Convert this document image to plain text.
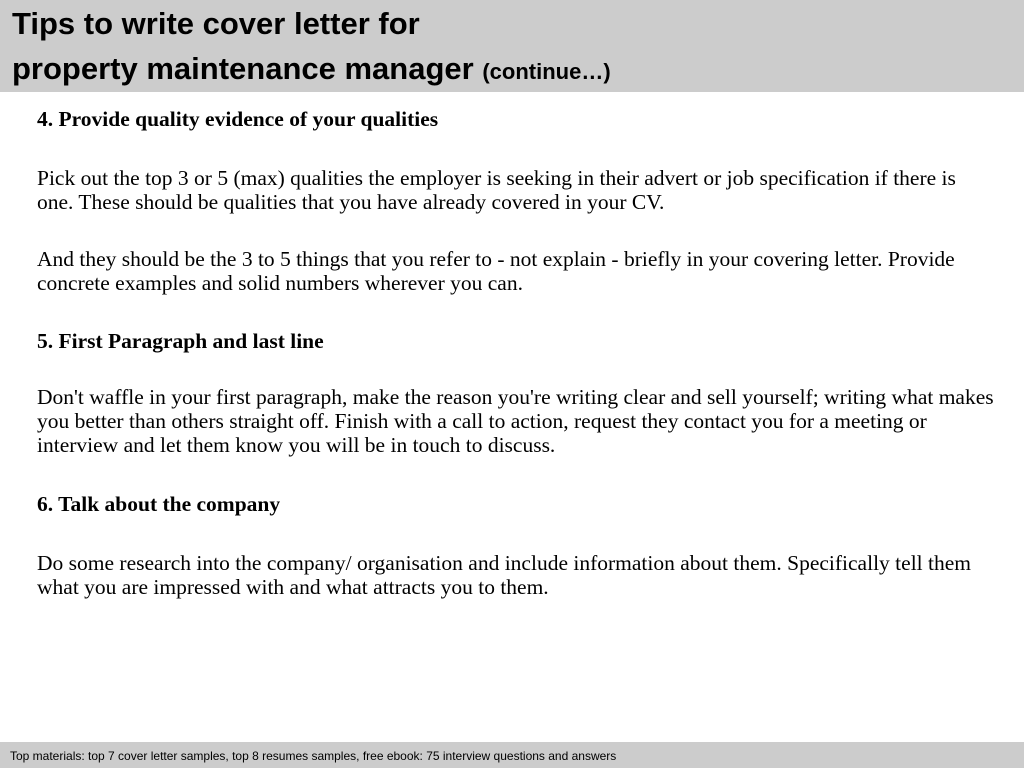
Tips to write cover letter for
property maintenance manager (continue…)

4. Provide quality evidence of your qualities

Pick out the top 3 or 5 (max) qualities the employer is seeking in their advert or job specification if there is one. These should be qualities that you have already covered in your CV.

And they should be the 3 to 5 things that you refer to - not explain - briefly in your covering letter. Provide concrete examples and solid numbers wherever you can.

5. First Paragraph and last line

Don't waffle in your first paragraph, make the reason you're writing clear and sell yourself; writing what makes you better than others straight off. Finish with a call to action, request they contact you for a meeting or interview and let them know you will be in touch to discuss.

6. Talk about the company

Do some research into the company/ organisation and include information about them. Specifically tell them what you are impressed with and what attracts you to them.

Top materials: top 7 cover letter samples, top 8 resumes samples, free ebook: 75 interview questions and answers
